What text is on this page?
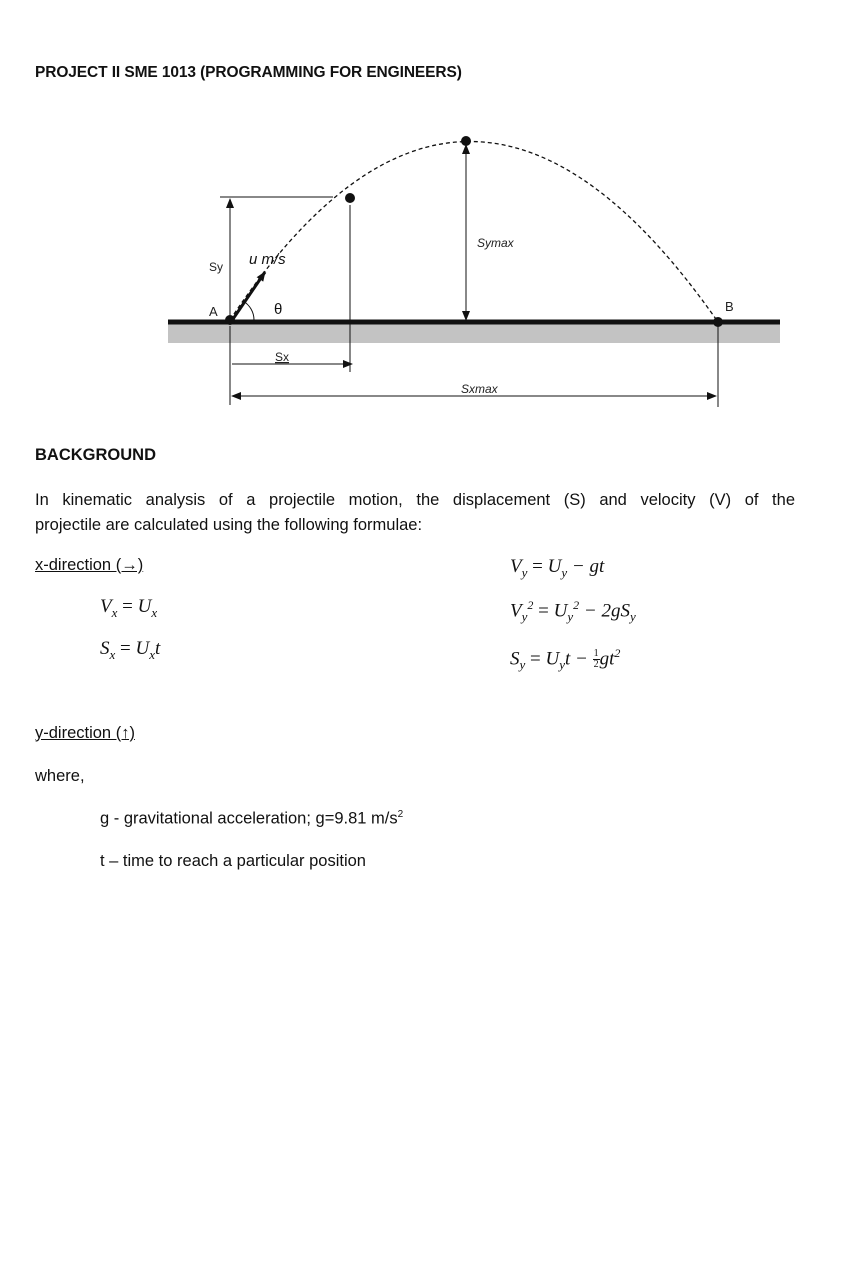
PROJECT II SME 1013 (PROGRAMMING FOR ENGINEERS)
u m/s
θ
Sy
A	B
Sx
Symax
Sxmax
BACKGROUND
In kinematic analysis of a projectile motion, the displacement (S) and velocity (V) of the
projectile are calculated using the following formulae:
x-direction (→)
$V_x = U_x$
$S_x = U_xt$
$V_y = U_y$ − gt
$V_y^2 = U_y^2 - 2gS_y$
$S_y = U_yt - \frac{1}{2} gt^2$
y-direction (↑)
where,
g - gravitational acceleration; g=9.81 $m/s^2$
t – time to reach a particular position
